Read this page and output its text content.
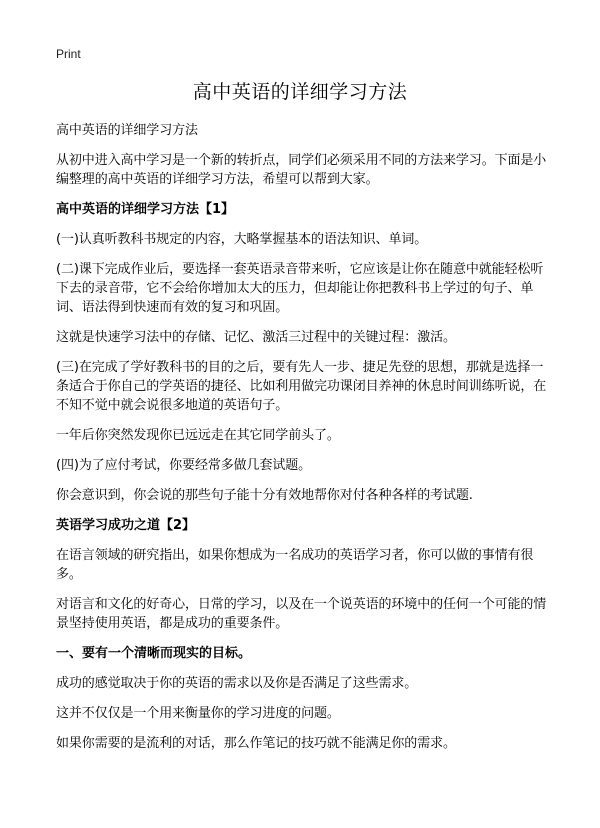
Print
高中英语的详细学习方法

高中英语的详细学习方法

从初中进入高中学习是一个新的转折点，同学们必须采用不同的方法来学习。下面是小编整理的高中英语的详细学习方法，希望可以帮到大家。

高中英语的详细学习方法【1】

(一)认真听教科书规定的内容，大略掌握基本的语法知识、单词。

(二)课下完成作业后，要选择一套英语录音带来听，它应该是让你在随意中就能轻松听下去的录音带，它不会给你增加太大的压力，但却能让你把教科书上学过的句子、单词、语法得到快速而有效的复习和巩固。

这就是快速学习法中的存储、记忆、激活三过程中的关键过程：激活。

(三)在完成了学好教科书的目的之后，要有先人一步、捷足先登的思想，那就是选择一条适合于你自己的学英语的捷径、比如利用做完功课闭目养神的休息时间训练听说，在不知不觉中就会说很多地道的英语句子。

一年后你突然发现你已远远走在其它同学前头了。

(四)为了应付考试，你要经常多做几套试题。

你会意识到，你会说的那些句子能十分有效地帮你对付各种各样的考试题.

英语学习成功之道【2】

在语言领域的研究指出，如果你想成为一名成功的英语学习者，你可以做的事情有很多。

对语言和文化的好奇心，日常的学习，以及在一个说英语的环境中的任何一个可能的情景坚持使用英语，都是成功的重要条件。

一、要有一个清晰而现实的目标。

成功的感觉取决于你的英语的需求以及你是否满足了这些需求。

这并不仅仅是一个用来衡量你的学习进度的问题。

如果你需要的是流利的对话，那么作笔记的技巧就不能满足你的需求。
